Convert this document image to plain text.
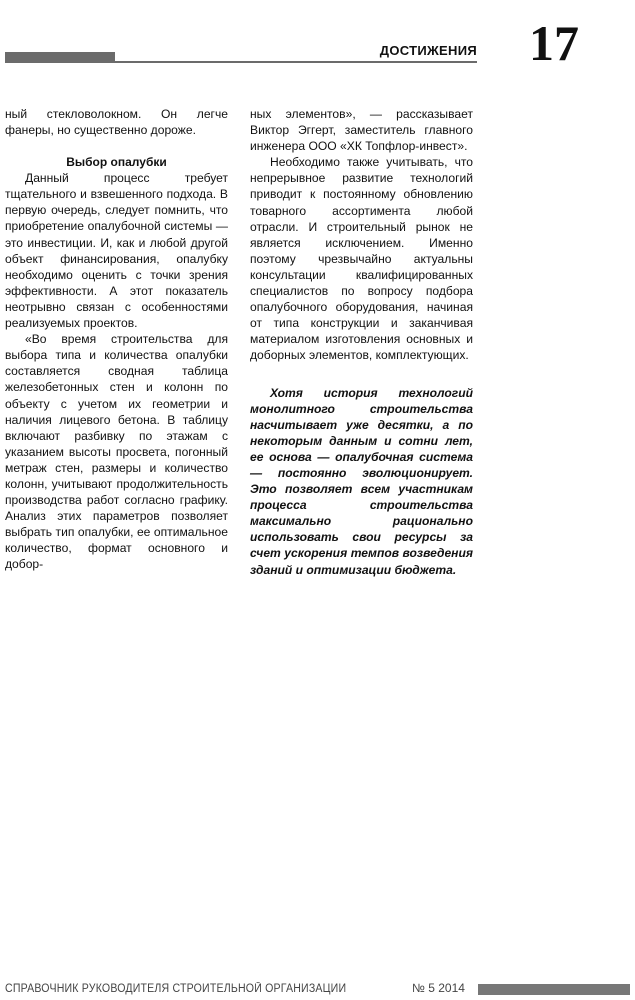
ДОСТИЖЕНИЯ 17

ный стекловолокном. Он легче фанеры, но существенно дороже.

Выбор опалубки

Данный процесс требует тщательного и взвешенного подхода. В первую очередь, следует помнить, что приобретение опалубочной системы — это инвестиции. И, как и любой другой объект финансирования, опалубку необходимо оценить с точки зрения эффективности. А этот показатель неотрывно связан с особенностями реализуемых проектов.

«Во время строительства для выбора типа и количества опалубки составляется сводная таблица железобетонных стен и колонн по объекту с учетом их геометрии и наличия лицевого бетона. В таблицу включают разбивку по этажам с указанием высоты просвета, погонный метраж стен, размеры и количество колонн, учитывают продолжительность производства работ согласно графику. Анализ этих параметров позволяет выбрать тип опалубки, ее оптимальное количество, формат основного и добор-

ных элементов», — рассказывает Виктор Эггерт, заместитель главного инженера ООО «ХК Топфлор-инвест».

Необходимо также учитывать, что непрерывное развитие технологий приводит к постоянному обновлению товарного ассортимента любой отрасли. И строительный рынок не является исключением. Именно поэтому чрезвычайно актуальны консультации квалифицированных специалистов по вопросу подбора опалубочного оборудования, начиная от типа конструкции и заканчивая материалом изготовления основных и доборных элементов, комплектующих.

Хотя история технологий монолитного строительства насчитывает уже десятки, а по некоторым данным и сотни лет, ее основа — опалубочная система — постоянно эволюционирует. Это позволяет всем участникам процесса строительства максимально рационально использовать свои ресурсы за счет ускорения темпов возведения зданий и оптимизации бюджета.

СПРАВОЧНИК РУКОВОДИТЕЛЯ СТРОИТЕЛЬНОЙ ОРГАНИЗАЦИИ	№ 5 2014
